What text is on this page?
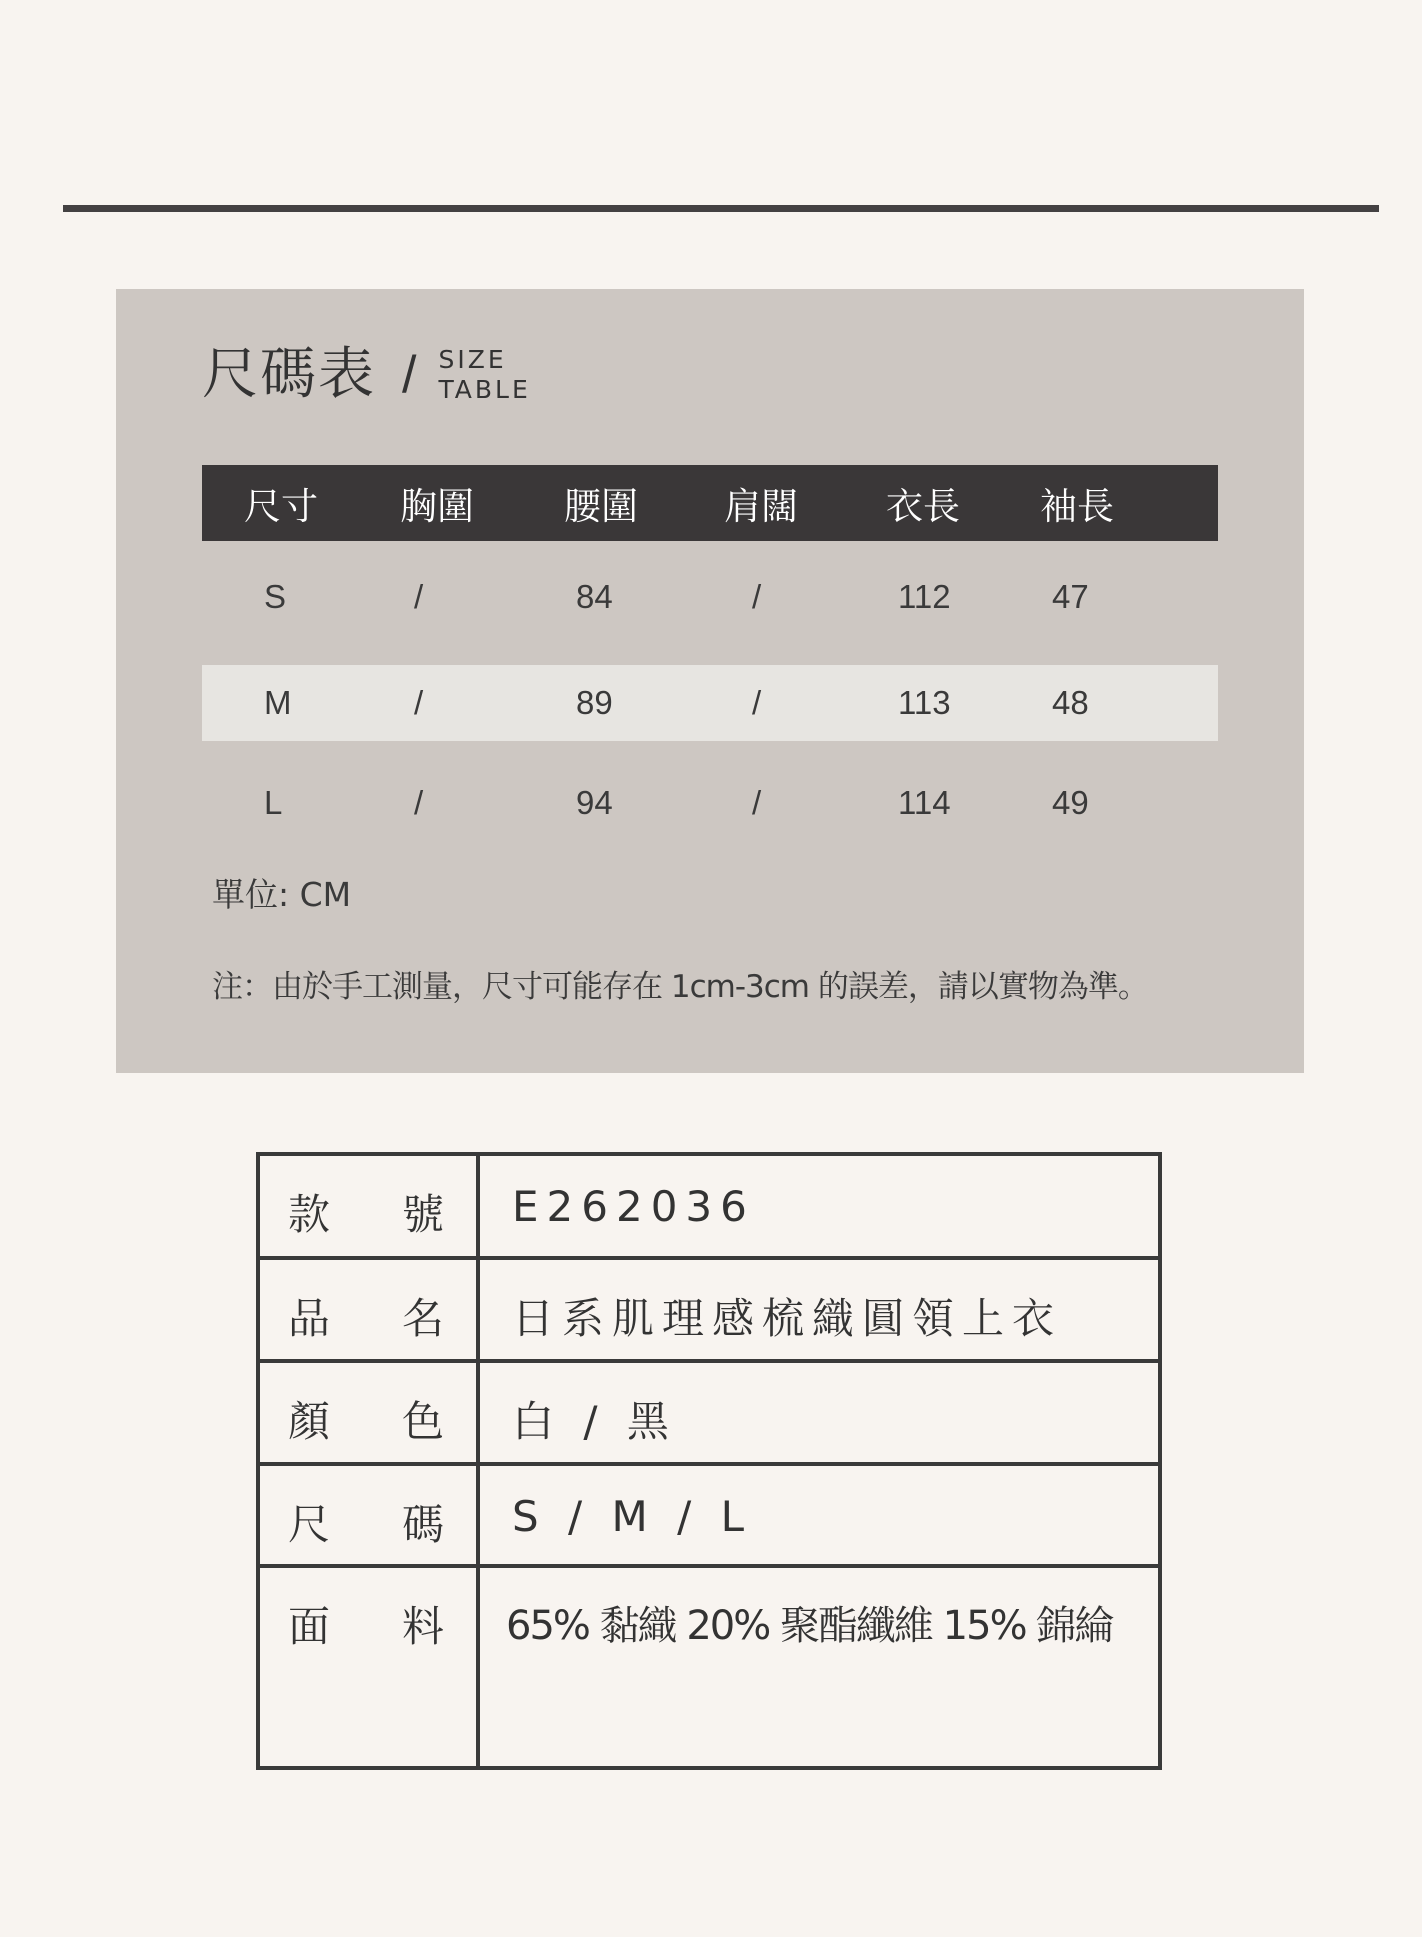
尺碼表 / SIZE
TABLE
尺寸 胸圍 腰圍 肩闊 衣長 袖長
S	/	84	/	112	47
M	/	89	/	113	48
L	/	94	/	114	49
單位: CM
注：由於手工測量，尺寸可能存在 1cm-3cm 的誤差，請以實物為準。
款 號 E262036
品 名 日系肌理感梳織圓領上衣
顏 色 白 / 黑
尺 碼 S / M / L
面 料 65% 黏織 20% 聚酯纖維 15% 錦綸
